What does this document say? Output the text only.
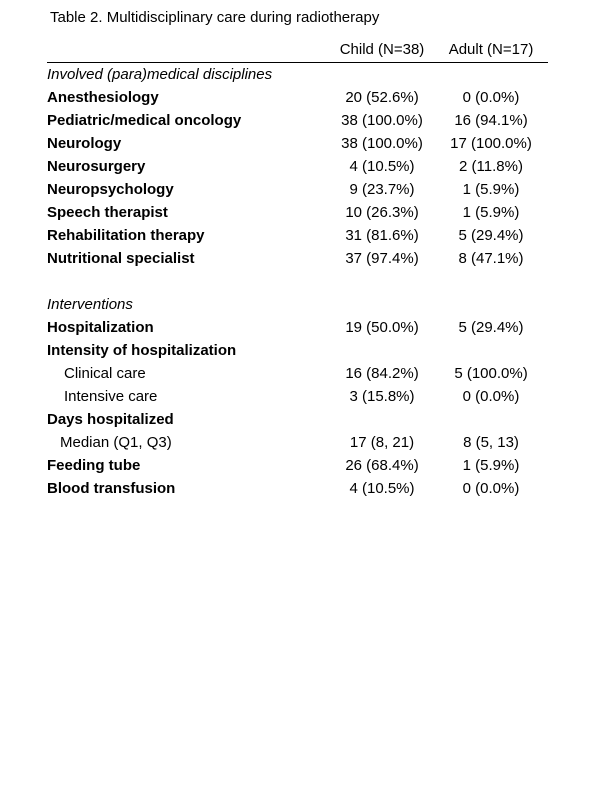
Table 2. Multidisciplinary care during radiotherapy
	Child (N=38)	Adult (N=17)
Involved (para)medical disciplines		
Anesthesiology	20 (52.6%)	0 (0.0%)
Pediatric/medical oncology	38 (100.0%)	16 (94.1%)
Neurology	38 (100.0%)	17 (100.0%)
Neurosurgery	4 (10.5%)	2 (11.8%)
Neuropsychology	9 (23.7%)	1 (5.9%)
Speech therapist	10 (26.3%)	1 (5.9%)
Rehabilitation therapy	31 (81.6%)	5 (29.4%)
Nutritional specialist	37 (97.4%)	8 (47.1%)

Interventions		
Hospitalization	19 (50.0%)	5 (29.4%)
Intensity of hospitalization		
Clinical care	16 (84.2%)	5 (100.0%)
Intensive care	3 (15.8%)	0 (0.0%)
Days hospitalized		
Median (Q1, Q3)	17 (8, 21)	8 (5, 13)
Feeding tube	26 (68.4%)	1 (5.9%)
Blood transfusion	4 (10.5%)	0 (0.0%)
